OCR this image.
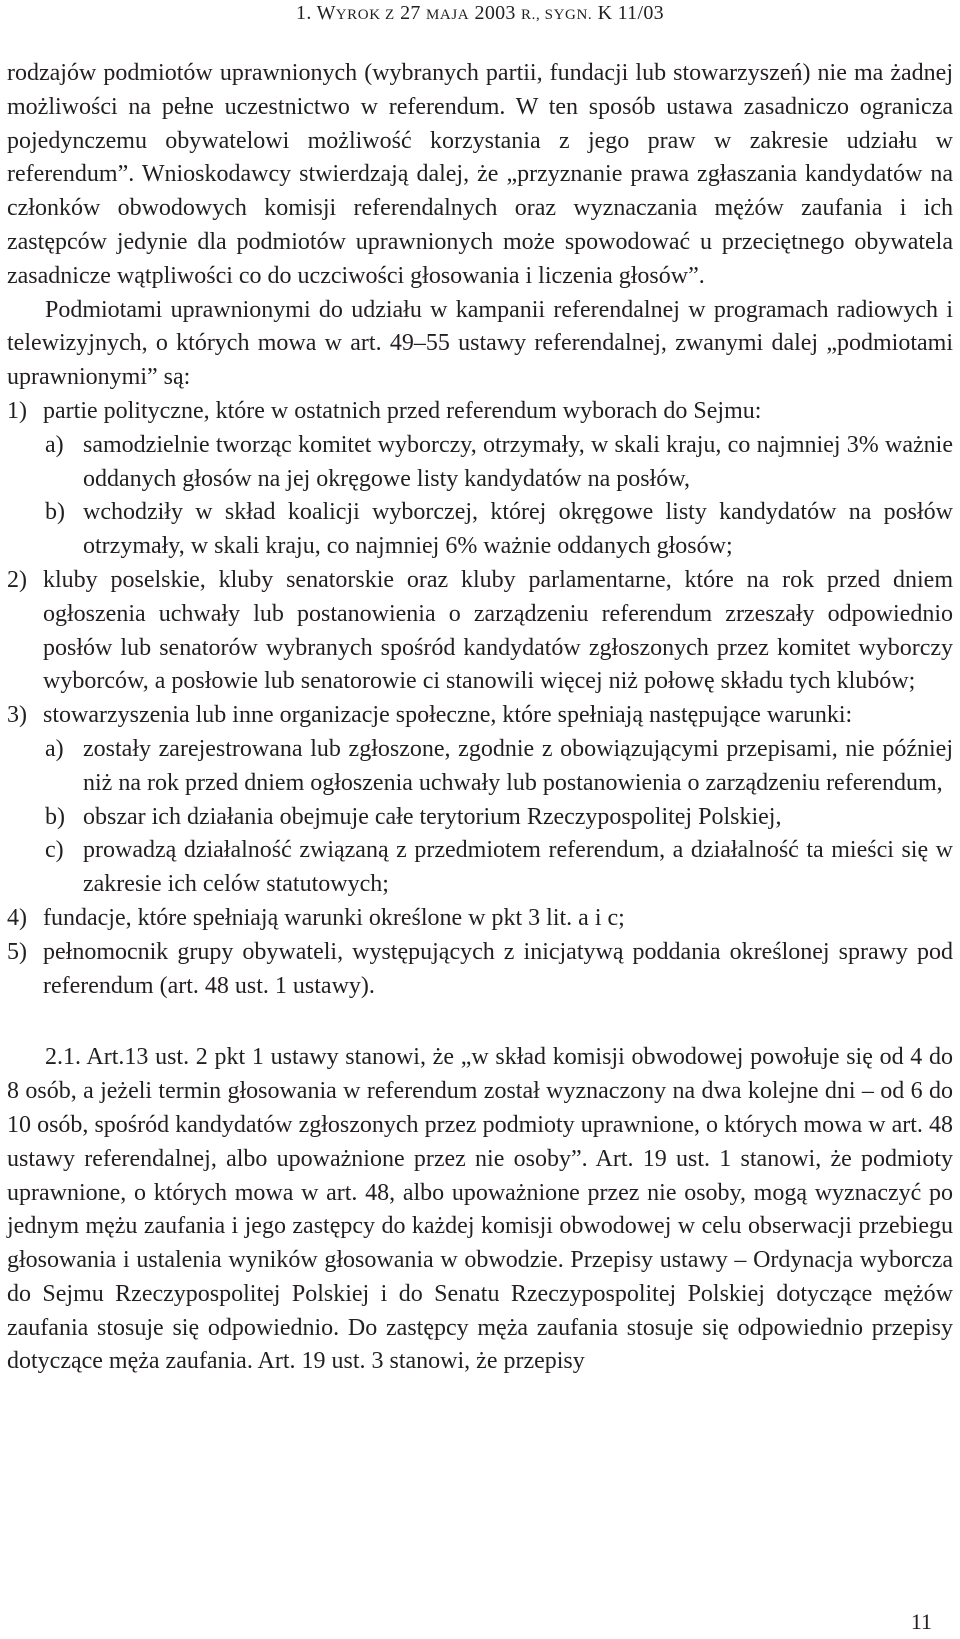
1. WYROK Z 27 MAJA 2003 R., SYGN. K 11/03

rodzajów podmiotów uprawnionych (wybranych partii, fundacji lub stowarzyszeń) nie ma żadnej możliwości na pełne uczestnictwo w referendum. W ten sposób ustawa zasadniczo ogranicza pojedynczemu obywatelowi możliwość korzystania z jego praw w zakresie udziału w referendum”. Wnioskodawcy stwierdzają dalej, że „przyznanie prawa zgłaszania kandydatów na członków obwodowych komisji referendalnych oraz wyznaczania mężów zaufania i ich zastępców jedynie dla podmiotów uprawnionych może spowodować u przeciętnego obywatela zasadnicze wątpliwości co do uczciwości głosowania i liczenia głosów”.

Podmiotami uprawnionymi do udziału w kampanii referendalnej w programach radiowych i telewizyjnych, o których mowa w art. 49–55 ustawy referendalnej, zwanymi dalej „podmiotami uprawnionymi” są:

1) partie polityczne, które w ostatnich przed referendum wyborach do Sejmu:
a) samodzielnie tworząc komitet wyborczy, otrzymały, w skali kraju, co najmniej 3% ważnie oddanych głosów na jej okręgowe listy kandydatów na posłów,
b) wchodziły w skład koalicji wyborczej, której okręgowe listy kandydatów na posłów otrzymały, w skali kraju, co najmniej 6% ważnie oddanych głosów;
2) kluby poselskie, kluby senatorskie oraz kluby parlamentarne, które na rok przed dniem ogłoszenia uchwały lub postanowienia o zarządzeniu referendum zrzeszały odpowiednio posłów lub senatorów wybranych spośród kandydatów zgłoszonych przez komitet wyborczy wyborców, a posłowie lub senatorowie ci stanowili więcej niż połowę składu tych klubów;
3) stowarzyszenia lub inne organizacje społeczne, które spełniają następujące warunki:
a) zostały zarejestrowana lub zgłoszone, zgodnie z obowiązującymi przepisami, nie później niż na rok przed dniem ogłoszenia uchwały lub postanowienia o zarządzeniu referendum,
b) obszar ich działania obejmuje całe terytorium Rzeczypospolitej Polskiej,
c) prowadzą działalność związaną z przedmiotem referendum, a działalność ta mieści się w zakresie ich celów statutowych;
4) fundacje, które spełniają warunki określone w pkt 3 lit. a i c;
5) pełnomocnik grupy obywateli, występujących z inicjatywą poddania określonej sprawy pod referendum (art. 48 ust. 1 ustawy).

2.1. Art.13 ust. 2 pkt 1 ustawy stanowi, że „w skład komisji obwodowej powołuje się od 4 do 8 osób, a jeżeli termin głosowania w referendum został wyznaczony na dwa kolejne dni – od 6 do 10 osób, spośród kandydatów zgłoszonych przez podmioty uprawnione, o których mowa w art. 48 ustawy referendalnej, albo upoważnione przez nie osoby”. Art. 19 ust. 1 stanowi, że podmioty uprawnione, o których mowa w art. 48, albo upoważnione przez nie osoby, mogą wyznaczyć po jednym mężu zaufania i jego zastępcy do każdej komisji obwodowej w celu obserwacji przebiegu głosowania i ustalenia wyników głosowania w obwodzie. Przepisy ustawy – Ordynacja wyborcza do Sejmu Rzeczypospolitej Polskiej i do Senatu Rzeczypospolitej Polskiej dotyczące mężów zaufania stosuje się odpowiednio. Do zastępcy męża zaufania stosuje się odpowiednio przepisy dotyczące męża zaufania. Art. 19 ust. 3 stanowi, że przepisy

11
